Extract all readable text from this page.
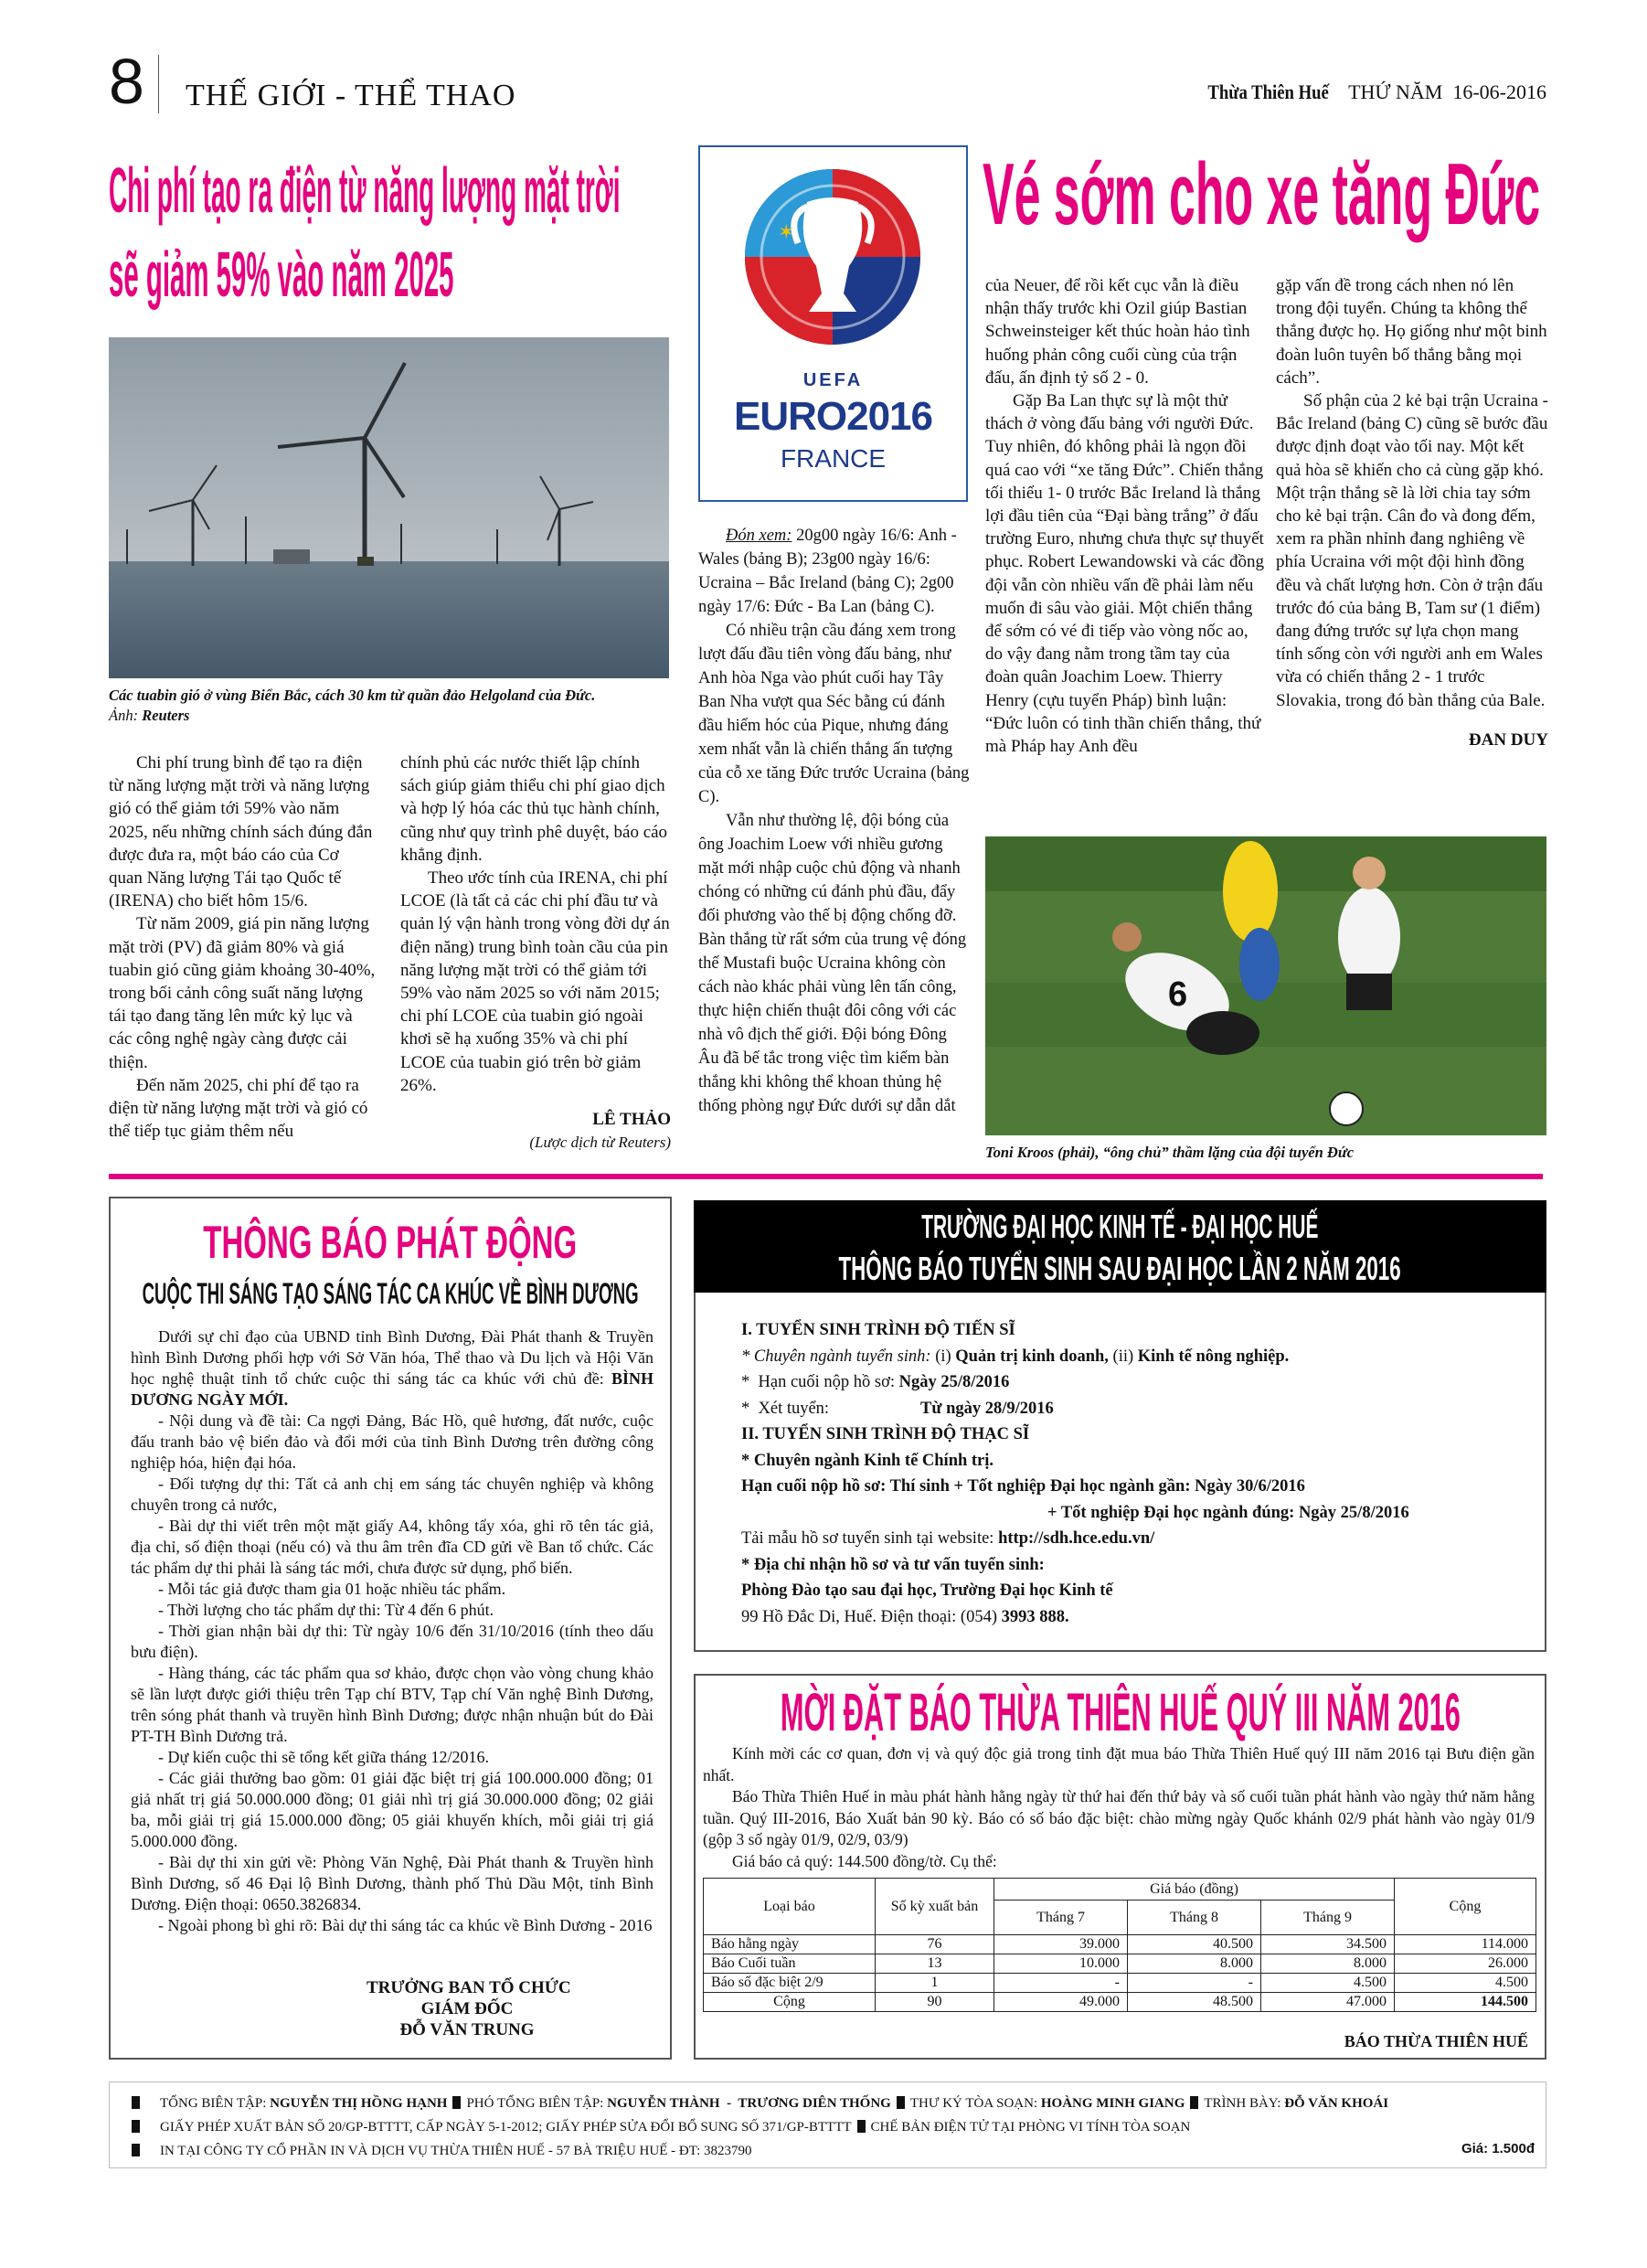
8 THẾ GIỚI - THỂ THAO	Thừa Thiên Huế THỨ NĂM  16-06-2016
Chi phí tạo ra điện từ năng lượng mặt trời
sẽ giảm 59% vào năm 2025
Các tuabin gió ở vùng Biển Bắc, cách 30 km từ quần đảo Helgoland của Đức.
Ảnh: Reuters

Chi phí trung bình để tạo ra điện từ năng lượng mặt trời và năng lượng gió có thể giảm tới 59% vào năm 2025, nếu những chính sách đúng đắn được đưa ra, một báo cáo của Cơ quan Năng lượng Tái tạo Quốc tế (IRENA) cho biết hôm 15/6.

Từ năm 2009, giá pin năng lượng mặt trời (PV) đã giảm 80% và giá tuabin gió cũng giảm khoảng 30-40%, trong bối cảnh công suất năng lượng tái tạo đang tăng lên mức kỷ lục và các công nghệ ngày càng được cải thiện.

Đến năm 2025, chi phí để tạo ra điện từ năng lượng mặt trời và gió có thể tiếp tục giảm thêm nếu

chính phủ các nước thiết lập chính sách giúp giảm thiểu chi phí giao dịch và hợp lý hóa các thủ tục hành chính, cũng như quy trình phê duyệt, báo cáo khẳng định.

Theo ước tính của IRENA, chi phí LCOE (là tất cả các chi phí đầu tư và quản lý vận hành trong vòng đời dự án điện năng) trung bình toàn cầu của pin năng lượng mặt trời có thể giảm tới 59% vào năm 2025 so với năm 2015; chi phí LCOE của tuabin gió ngoài khơi sẽ hạ xuống 35% và chi phí LCOE của tuabin gió trên bờ giảm 26%.

LÊ THẢO

(Lược dịch từ Reuters)

✶
UEFA
EURO2016
FRANCE
Vé sớm cho xe tăng Đức

Đón xem: 20g00 ngày 16/6: Anh - Wales (bảng B); 23g00 ngày 16/6: Ucraina – Bắc Ireland (bảng C); 2g00 ngày 17/6: Đức - Ba Lan (bảng C).

Có nhiều trận cầu đáng xem trong lượt đấu đầu tiên vòng đấu bảng, như Anh hòa Nga vào phút cuối hay Tây Ban Nha vượt qua Séc bằng cú đánh đầu hiểm hóc của Pique, nhưng đáng xem nhất vẫn là chiến thắng ấn tượng của cỗ xe tăng Đức trước Ucraina (bảng C).

Vẫn như thường lệ, đội bóng của ông Joachim Loew với nhiều gương mặt mới nhập cuộc chủ động và nhanh chóng có những cú đánh phủ đầu, đẩy đối phương vào thế bị động chống đỡ. Bàn thắng từ rất sớm của trung vệ đóng thế Mustafi buộc Ucraina không còn cách nào khác phải vùng lên tấn công, thực hiện chiến thuật đôi công với các nhà vô địch thế giới. Đội bóng Đông Âu đã bế tắc trong việc tìm kiếm bàn thắng khi không thể khoan thủng hệ thống phòng ngự Đức dưới sự dẫn dắt

của Neuer, để rồi kết cục vẫn là điều nhận thấy trước khi Ozil giúp Bastian Schweinsteiger kết thúc hoàn hảo tình huống phản công cuối cùng của trận đấu, ấn định tỷ số 2 - 0.

Gặp Ba Lan thực sự là một thử thách ở vòng đấu bảng với người Đức. Tuy nhiên, đó không phải là ngọn đồi quá cao với “xe tăng Đức”. Chiến thắng tối thiểu 1- 0 trước Bắc Ireland là thắng lợi đầu tiên của “Đại bàng trắng” ở đấu trường Euro, nhưng chưa thực sự thuyết phục. Robert Lewandowski và các đồng đội vẫn còn nhiều vấn đề phải làm nếu muốn đi sâu vào giải. Một chiến thắng để sớm có vé đi tiếp vào vòng nốc ao, do vậy đang nằm trong tầm tay của đoàn quân Joachim Loew. Thierry Henry (cựu tuyển Pháp) bình luận: “Đức luôn có tinh thần chiến thắng, thứ mà Pháp hay Anh đều

gặp vấn đề trong cách nhen nó lên trong đội tuyển. Chúng ta không thể thắng được họ. Họ giống như một binh đoàn luôn tuyên bố thắng bằng mọi cách”.

Số phận của 2 kẻ bại trận Ucraina - Bắc Ireland (bảng C) cũng sẽ bước đầu được định đoạt vào tối nay. Một kết quả hòa sẽ khiến cho cả cùng gặp khó. Một trận thắng sẽ là lời chia tay sớm cho kẻ bại trận. Cân đo và đong đếm, xem ra phần nhỉnh đang nghiêng về phía Ucraina với một đội hình đồng đều và chất lượng hơn. Còn ở trận đấu trước đó của bảng B, Tam sư (1 điểm) đang đứng trước sự lựa chọn mang tính sống còn với người anh em Wales vừa có chiến thắng 2 - 1 trước Slovakia, trong đó bàn thắng của Bale.

ĐAN DUY

6
Toni Kroos (phải), “ông chủ” thầm lặng của đội tuyển Đức
THÔNG BÁO PHÁT ĐỘNG
CUỘC THI SÁNG TẠO SÁNG TÁC CA KHÚC VỀ BÌNH DƯƠNG

Dưới sự chỉ đạo của UBND tỉnh Bình Dương, Đài Phát thanh & Truyền hình Bình Dương phối hợp với Sở Văn hóa, Thể thao và Du lịch và Hội Văn học nghệ thuật tỉnh tổ chức cuộc thi sáng tác ca khúc với chủ đề: BÌNH DƯƠNG NGÀY MỚI.

- Nội dung và đề tài: Ca ngợi Đảng, Bác Hồ, quê hương, đất nước, cuộc đấu tranh bảo vệ biển đảo và đổi mới của tỉnh Bình Dương trên đường công nghiệp hóa, hiện đại hóa.

- Đối tượng dự thi: Tất cả anh chị em sáng tác chuyên nghiệp và không chuyên trong cả nước,

- Bài dự thi viết trên một mặt giấy A4, không tẩy xóa, ghi rõ tên tác giả, địa chỉ, số điện thoại (nếu có) và thu âm trên đĩa CD gửi về Ban tổ chức. Các tác phẩm dự thi phải là sáng tác mới, chưa được sử dụng, phổ biến.

- Mỗi tác giả được tham gia 01 hoặc nhiều tác phẩm.

- Thời lượng cho tác phẩm dự thi: Từ 4 đến 6 phút.

- Thời gian nhận bài dự thi: Từ ngày 10/6 đến 31/10/2016 (tính theo dấu bưu điện).

- Hàng tháng, các tác phẩm qua sơ khảo, được chọn vào vòng chung khảo sẽ lần lượt được giới thiệu trên Tạp chí BTV, Tạp chí Văn nghệ Bình Dương, trên sóng phát thanh và truyền hình Bình Dương; được nhận nhuận bút do Đài PT-TH Bình Dương trả.

- Dự kiến cuộc thi sẽ tổng kết giữa tháng 12/2016.

- Các giải thưởng bao gồm: 01 giải đặc biệt trị giá 100.000.000 đồng; 01 giả nhất trị giá 50.000.000 đồng; 01 giải nhì trị giá 30.000.000 đồng; 02 giải ba, mỗi giải trị giá 15.000.000 đồng; 05 giải khuyến khích, mỗi giải trị giá 5.000.000 đồng.

- Bài dự thi xin gửi về: Phòng Văn Nghệ, Đài Phát thanh & Truyền hình Bình Dương, số 46 Đại lộ Bình Dương, thành phố Thủ Dầu Một, tỉnh Bình Dương. Điện thoại: 0650.3826834.

- Ngoài phong bì ghi rõ: Bài dự thi sáng tác ca khúc về Bình Dương - 2016

TRƯỞNG BAN TỔ CHỨC
GIÁM ĐỐC
ĐỖ VĂN TRUNG
TRƯỜNG ĐẠI HỌC KINH TẾ - ĐẠI HỌC HUẾ
THÔNG BÁO TUYỂN SINH SAU ĐẠI HỌC LẦN 2 NĂM 2016
I. TUYỂN SINH TRÌNH ĐỘ TIẾN SĨ
* Chuyên ngành tuyển sinh: (i) Quản trị kinh doanh, (ii) Kinh tế nông nghiệp.
*  Hạn cuối nộp hồ sơ: Ngày 25/8/2016
*  Xét tuyển:	Từ ngày 28/9/2016
II. TUYỂN SINH TRÌNH ĐỘ THẠC SĨ
* Chuyên ngành Kinh tế Chính trị.
Hạn cuối nộp hồ sơ: Thí sinh + Tốt nghiệp Đại học ngành gần: Ngày 30/6/2016
+ Tốt nghiệp Đại học ngành đúng: Ngày 25/8/2016
Tải mẫu hồ sơ tuyển sinh tại website: http://sdh.hce.edu.vn/
* Địa chỉ nhận hồ sơ và tư vấn tuyển sinh:
Phòng Đào tạo sau đại học, Trường Đại học Kinh tế
99 Hồ Đắc Di, Huế. Điện thoại: (054) 3993 888.
MỜI ĐẶT BÁO THỪA THIÊN HUẾ QUÝ III NĂM 2016

Kính mời các cơ quan, đơn vị và quý độc giả trong tỉnh đặt mua báo Thừa Thiên Huế quý III năm 2016 tại Bưu điện gần nhất.

Báo Thừa Thiên Huế in màu phát hành hằng ngày từ thứ hai đến thứ bảy và số cuối tuần phát hành vào ngày thứ năm hằng tuần. Quý III-2016, Báo Xuất bản 90 kỳ. Báo có số báo đặc biệt: chào mừng ngày Quốc khánh 02/9 phát hành vào ngày 01/9 (gộp 3 số ngày 01/9, 02/9, 03/9)

Giá báo cả quý: 144.500 đồng/tờ. Cụ thể:

Loại báo	Số kỳ xuất bản	Giá báo (đồng)			Cộng
		Tháng 7	Tháng 8	Tháng 9	
Báo hằng ngày	76	39.000	40.500	34.500	114.000
Báo Cuối tuần	13	10.000	8.000	8.000	26.000
Báo số đặc biệt 2/9	1	-	-	4.500	4.500
Cộng	90	49.000	48.500	47.000	144.500
BÁO THỪA THIÊN HUẾ

TỔNG BIÊN TẬP: NGUYỄN THỊ HỒNG HẠNH PHÓ TỔNG BIÊN TẬP: NGUYỄN THÀNH  -  TRƯƠNG DIÊN THỐNG THƯ KÝ TÒA SOẠN: HOÀNG MINH GIANG TRÌNH BÀY: ĐỖ VĂN KHOÁI

GIẤY PHÉP XUẤT BẢN SỐ 20/GP-BTTTT, CẤP NGÀY 5-1-2012; GIẤY PHÉP SỬA ĐỔI BỔ SUNG SỐ 371/GP-BTTTT CHẾ BẢN ĐIỆN TỬ TẠI PHÒNG VI TÍNH TÒA SOẠN

IN TẠI CÔNG TY CỔ PHẦN IN VÀ DỊCH VỤ THỪA THIÊN HUẾ - 57 BÀ TRIỆU HUẾ - ĐT: 3823790	Giá: 1.500đ
